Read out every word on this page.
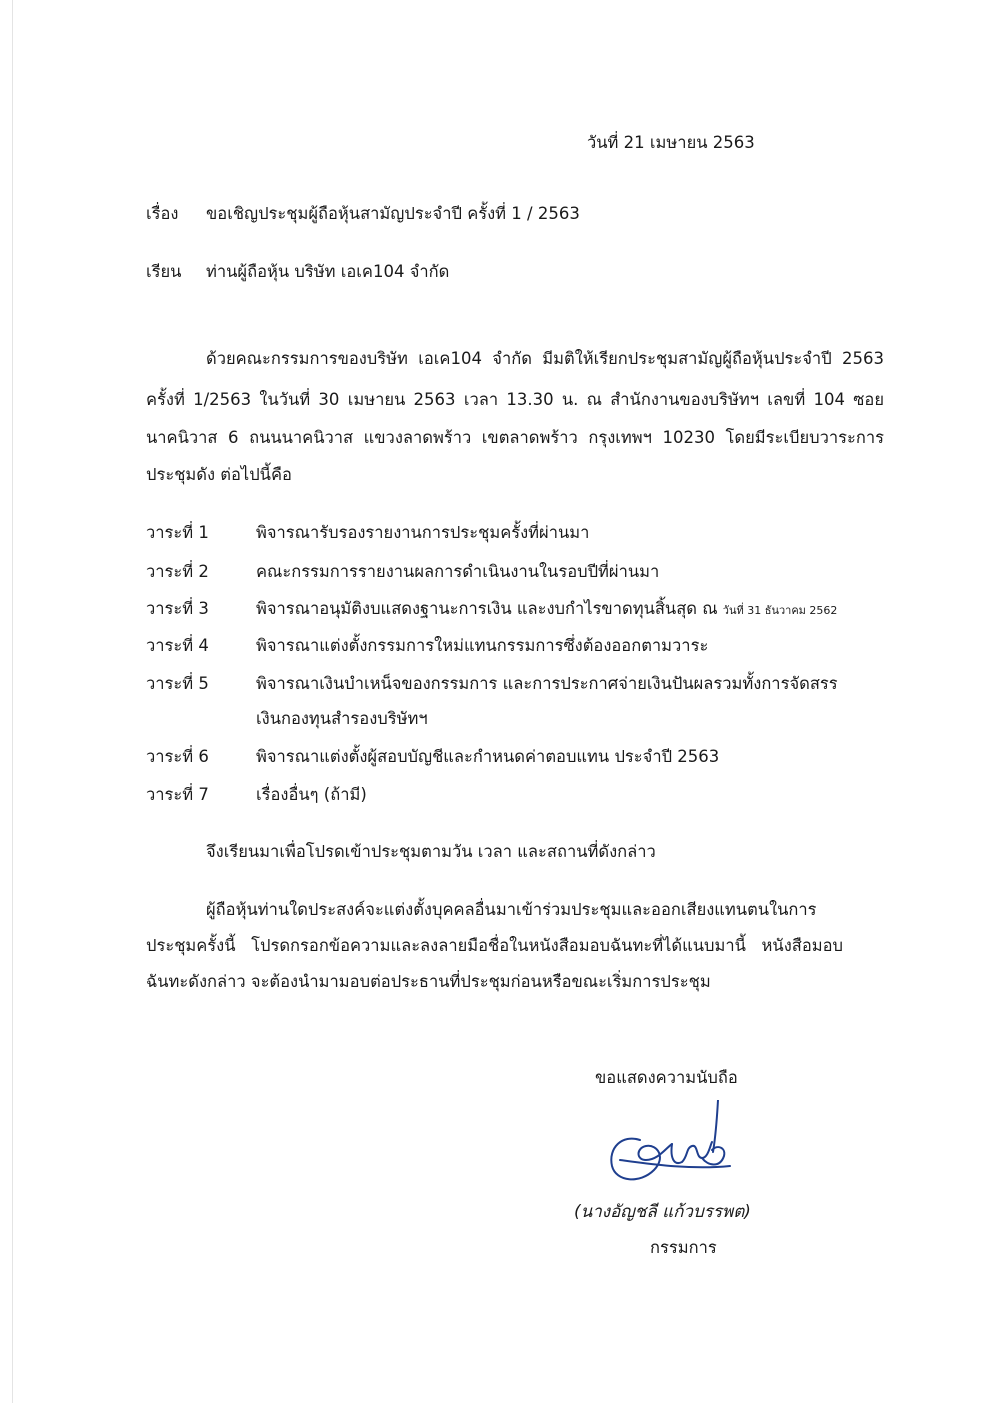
วันที่ 21 เมษายน 2563
เรื่อง ขอเชิญประชุมผู้ถือหุ้นสามัญประจำปี ครั้งที่ 1 / 2563
เรียน ท่านผู้ถือหุ้น บริษัท เอเค104 จำกัด
ด้วยคณะกรรมการของบริษัท เอเค104 จำกัด มีมติให้เรียกประชุมสามัญผู้ถือหุ้นประจำปี 2563
ครั้งที่ 1/2563 ในวันที่ 30 เมษายน 2563 เวลา 13.30 น. ณ สำนักงานของบริษัทฯ เลขที่ 104 ซอย
นาคนิวาส 6 ถนนนาคนิวาส แขวงลาดพร้าว เขตลาดพร้าว กรุงเทพฯ 10230 โดยมีระเบียบวาระการ
ประชุมดัง ต่อไปนี้คือ
วาระที่ 1	พิจารณารับรองรายงานการประชุมครั้งที่ผ่านมา
วาระที่ 2	คณะกรรมการรายงานผลการดำเนินงานในรอบปีที่ผ่านมา
วาระที่ 3	พิจารณาอนุมัติงบแสดงฐานะการเงิน และงบกำไรขาดทุนสิ้นสุด ณ วันที่ 31 ธันวาคม 2562
วาระที่ 4	พิจารณาแต่งตั้งกรรมการใหม่แทนกรรมการซึ่งต้องออกตามวาระ
วาระที่ 5	พิจารณาเงินบำเหน็จของกรรมการ และการประกาศจ่ายเงินปันผลรวมทั้งการจัดสรร
เงินกองทุนสำรองบริษัทฯ
วาระที่ 6	พิจารณาแต่งตั้งผู้สอบบัญชีและกำหนดค่าตอบแทน ประจำปี 2563
วาระที่ 7	เรื่องอื่นๆ (ถ้ามี)
จึงเรียนมาเพื่อโปรดเข้าประชุมตามวัน เวลา และสถานที่ดังกล่าว
ผู้ถือหุ้นท่านใดประสงค์จะแต่งตั้งบุคคลอื่นมาเข้าร่วมประชุมและออกเสียงแทนตนในการ
ประชุมครั้งนี้ โปรดกรอกข้อความและลงลายมือชื่อในหนังสือมอบฉันทะที่ได้แนบมานี้ หนังสือมอบ
ฉันทะดังกล่าว จะต้องนำมามอบต่อประธานที่ประชุมก่อนหรือขณะเริ่มการประชุม
ขอแสดงความนับถือ
(นางอัญชลี แก้วบรรพต)
กรรมการ
